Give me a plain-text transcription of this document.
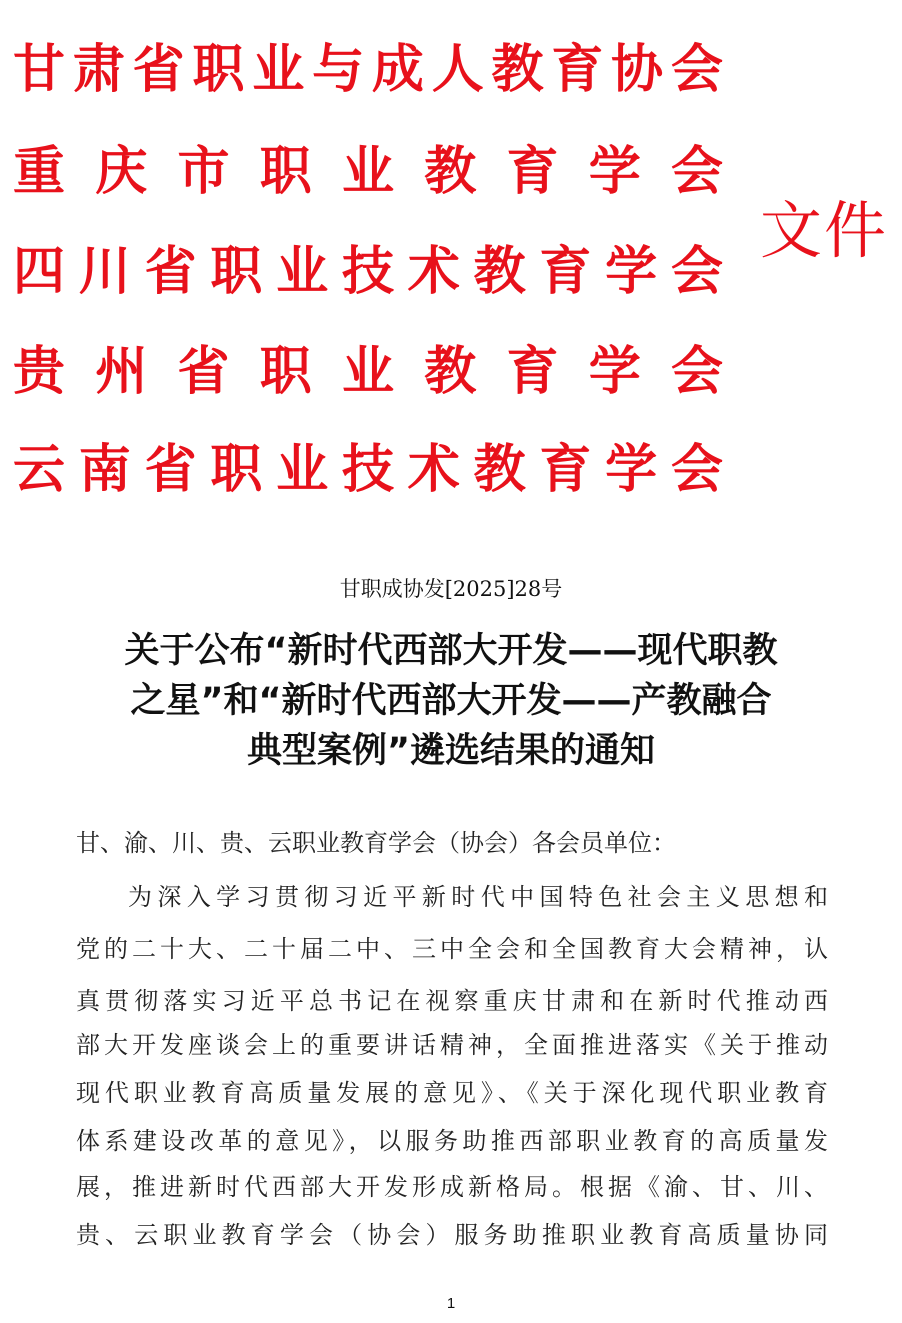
甘 肃 省 职 业 与 成 人 教 育 协 会
重 庆 市 职 业 教 育 学 会
四 川 省 职 业 技 术 教 育 学 会
贵 州 省 职 业 教 育 学 会
云 南 省 职 业 技 术 教 育 学 会
文件
甘职成协发[2025]28号
关于公布“新时代西部大开发——现代职教
之星”和“新时代西部大开发——产教融合
典型案例”遴选结果的通知
甘、渝、川、贵、云职业教育学会（协会）各会员单位：
为深入学习贯彻习近平新时代中国特色社会主义思想和
党的二十大、二十届二中、三中全会和全国教育大会精神，认
真贯彻落实习近平总书记在视察重庆甘肃和在新时代推动西
部大开发座谈会上的重要讲话精神，全面推进落实《关于推动
现代职业教育高质量发展的意见》、《关于深化现代职业教育
体系建设改革的意见》，以服务助推西部职业教育的高质量发
展，推进新时代西部大开发形成新格局。根据《渝、甘、川、
贵、云职业教育学会（协会）服务助推职业教育高质量协同
1
